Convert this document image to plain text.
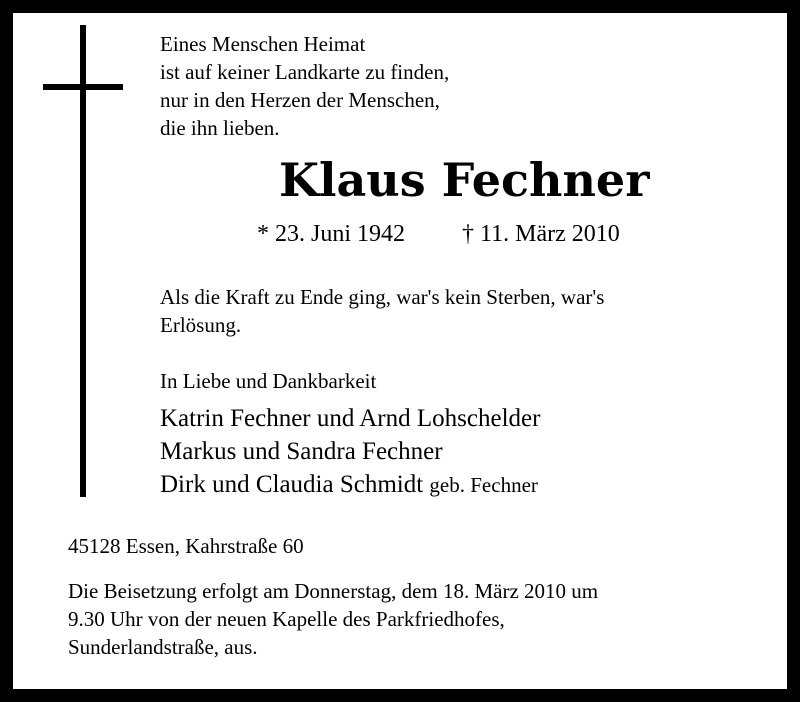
Eines Menschen Heimat
ist auf keiner Landkarte zu finden,
nur in den Herzen der Menschen,
die ihn lieben.
Klaus Fechner
* 23. Juni 1942 † 11. März 2010
Als die Kraft zu Ende ging, war's kein Sterben, war's
Erlösung.
In Liebe und Dankbarkeit
Katrin Fechner und Arnd Lohschelder
Markus und Sandra Fechner
Dirk und Claudia Schmidt geb. Fechner
45128 Essen, Kahrstraße 60
Die Beisetzung erfolgt am Donnerstag, dem 18. März 2010 um
9.30 Uhr von der neuen Kapelle des Parkfriedhofes,
Sunderlandstraße, aus.
